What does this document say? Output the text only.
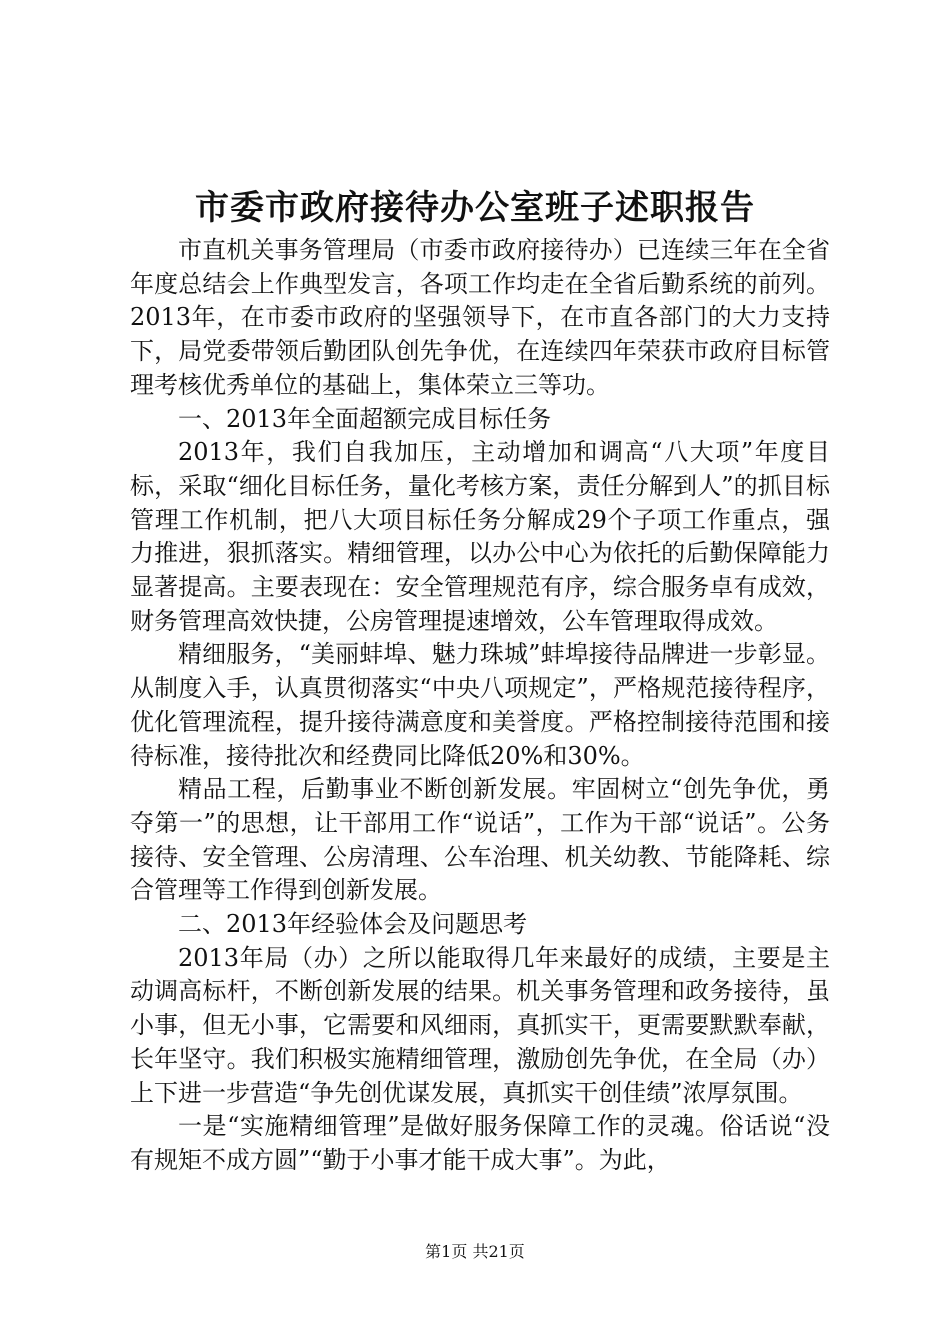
市委市政府接待办公室班子述职报告

市直机关事务管理局（市委市政府接待办）已连续三年在全省年度总结会上作典型发言，各项工作均走在全省后勤系统的前列。2013年，在市委市政府的坚强领导下，在市直各部门的大力支持下，局党委带领后勤团队创先争优，在连续四年荣获市政府目标管理考核优秀单位的基础上，集体荣立三等功。

一、2013年全面超额完成目标任务

2013年，我们自我加压，主动增加和调高“八大项”年度目标，采取“细化目标任务，量化考核方案，责任分解到人”的抓目标管理工作机制，把八大项目标任务分解成29个子项工作重点，强力推进，狠抓落实。精细管理，以办公中心为依托的后勤保障能力显著提高。主要表现在：安全管理规范有序，综合服务卓有成效，财务管理高效快捷，公房管理提速增效，公车管理取得成效。

精细服务，“美丽蚌埠、魅力珠城”蚌埠接待品牌进一步彰显。从制度入手，认真贯彻落实“中央八项规定”，严格规范接待程序，优化管理流程，提升接待满意度和美誉度。严格控制接待范围和接待标准，接待批次和经费同比降低20%和30%。

精品工程，后勤事业不断创新发展。牢固树立“创先争优，勇夺第一”的思想，让干部用工作“说话”，工作为干部“说话”。公务接待、安全管理、公房清理、公车治理、机关幼教、节能降耗、综合管理等工作得到创新发展。

二、2013年经验体会及问题思考

2013年局（办）之所以能取得几年来最好的成绩，主要是主动调高标杆，不断创新发展的结果。机关事务管理和政务接待，虽小事，但无小事，它需要和风细雨，真抓实干，更需要默默奉献，长年坚守。我们积极实施精细管理，激励创先争优，在全局（办）上下进一步营造“争先创优谋发展，真抓实干创佳绩”浓厚氛围。

一是“实施精细管理”是做好服务保障工作的灵魂。俗话说“没有规矩不成方圆”“勤于小事才能干成大事”。为此，

第1页 共21页
